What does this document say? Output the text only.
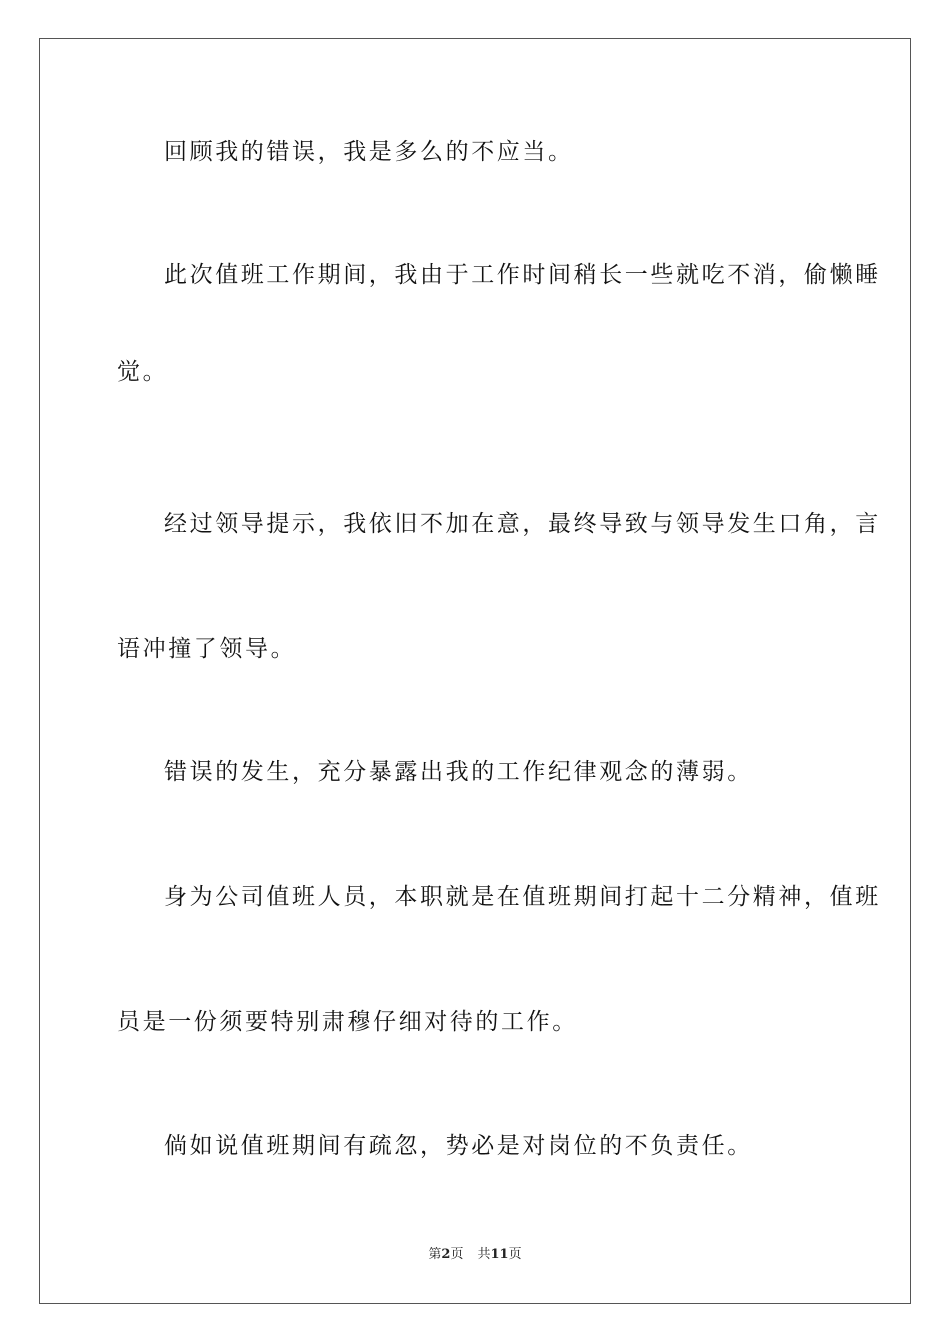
回顾我的错误，我是多么的不应当。
此次值班工作期间，我由于工作时间稍长一些就吃不消，偷懒睡
觉。
经过领导提示，我依旧不加在意，最终导致与领导发生口角，言
语冲撞了领导。
错误的发生，充分暴露出我的工作纪律观念的薄弱。
身为公司值班人员，本职就是在值班期间打起十二分精神，值班
员是一份须要特别肃穆仔细对待的工作。
倘如说值班期间有疏忽，势必是对岗位的不负责任。
第2页 共11页
